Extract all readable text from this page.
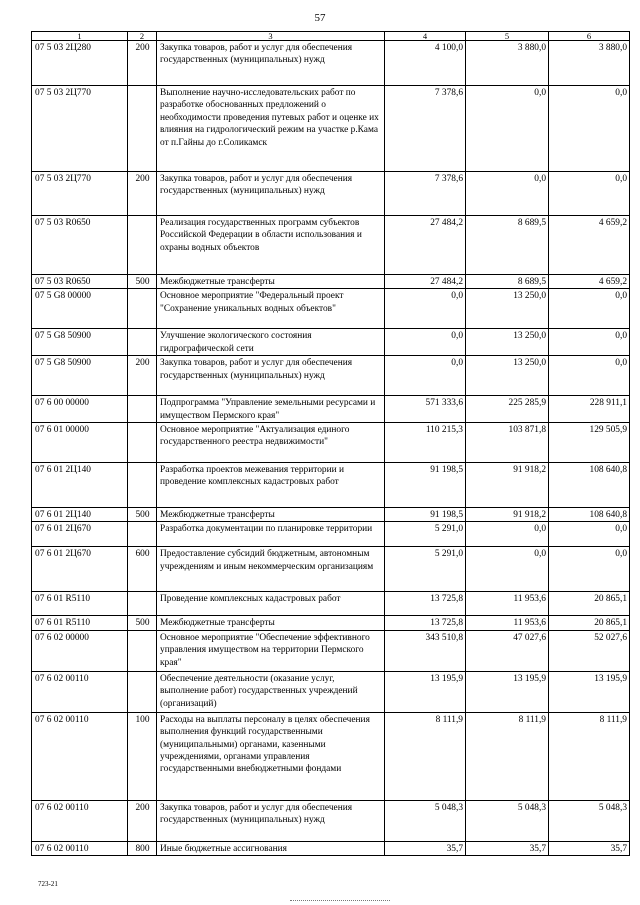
57
1	2	3	4	5	6
07 5 03 2Ц280	200	Закупка товаров, работ и услуг для обеспечения государственных (муниципальных) нужд	4 100,0	3 880,0	3 880,0
07 5 03 2Ц770		Выполнение научно-исследовательских работ по разработке обоснованных предложений о необходимости проведения путевых работ и оценке их влияния на гидрологический режим на участке р.Кама от п.Гайны до г.Соликамск	7 378,6	0,0	0,0
07 5 03 2Ц770	200	Закупка товаров, работ и услуг для обеспечения государственных (муниципальных) нужд	7 378,6	0,0	0,0
07 5 03 R0650		Реализация государственных программ субъектов Российской Федерации в области использования и охраны водных объектов	27 484,2	8 689,5	4 659,2
07 5 03 R0650	500	Межбюджетные трансферты	27 484,2	8 689,5	4 659,2
07 5 G8 00000		Основное мероприятие "Федеральный проект "Сохранение уникальных водных объектов"	0,0	13 250,0	0,0
07 5 G8 50900		Улучшение экологического состояния гидрографической сети	0,0	13 250,0	0,0
07 5 G8 50900	200	Закупка товаров, работ и услуг для обеспечения государственных (муниципальных) нужд	0,0	13 250,0	0,0
07 6 00 00000		Подпрограмма "Управление земельными ресурсами и имуществом Пермского края"	571 333,6	225 285,9	228 911,1
07 6 01 00000		Основное мероприятие "Актуализация единого государственного реестра недвижимости"	110 215,3	103 871,8	129 505,9
07 6 01 2Ц140		Разработка проектов межевания территории и проведение комплексных кадастровых работ	91 198,5	91 918,2	108 640,8
07 6 01 2Ц140	500	Межбюджетные трансферты	91 198,5	91 918,2	108 640,8
07 6 01 2Ц670		Разработка документации по планировке территории	5 291,0	0,0	0,0
07 6 01 2Ц670	600	Предоставление субсидий бюджетным, автономным учреждениям и иным некоммерческим организациям	5 291,0	0,0	0,0
07 6 01 R5110		Проведение комплексных кадастровых работ	13 725,8	11 953,6	20 865,1
07 6 01 R5110	500	Межбюджетные трансферты	13 725,8	11 953,6	20 865,1
07 6 02 00000		Основное мероприятие "Обеспечение эффективного управления имуществом на территории Пермского края"	343 510,8	47 027,6	52 027,6
07 6 02 00110		Обеспечение деятельности (оказание услуг, выполнение работ) государственных учреждений (организаций)	13 195,9	13 195,9	13 195,9
07 6 02 00110	100	Расходы на выплаты персоналу в целях обеспечения выполнения функций государственными (муниципальными) органами, казенными учреждениями, органами управления государственными внебюджетными фондами	8 111,9	8 111,9	8 111,9
07 6 02 00110	200	Закупка товаров, работ и услуг для обеспечения государственных (муниципальных) нужд	5 048,3	5 048,3	5 048,3
07 6 02 00110	800	Иные бюджетные ассигнования	35,7	35,7	35,7
723-21
